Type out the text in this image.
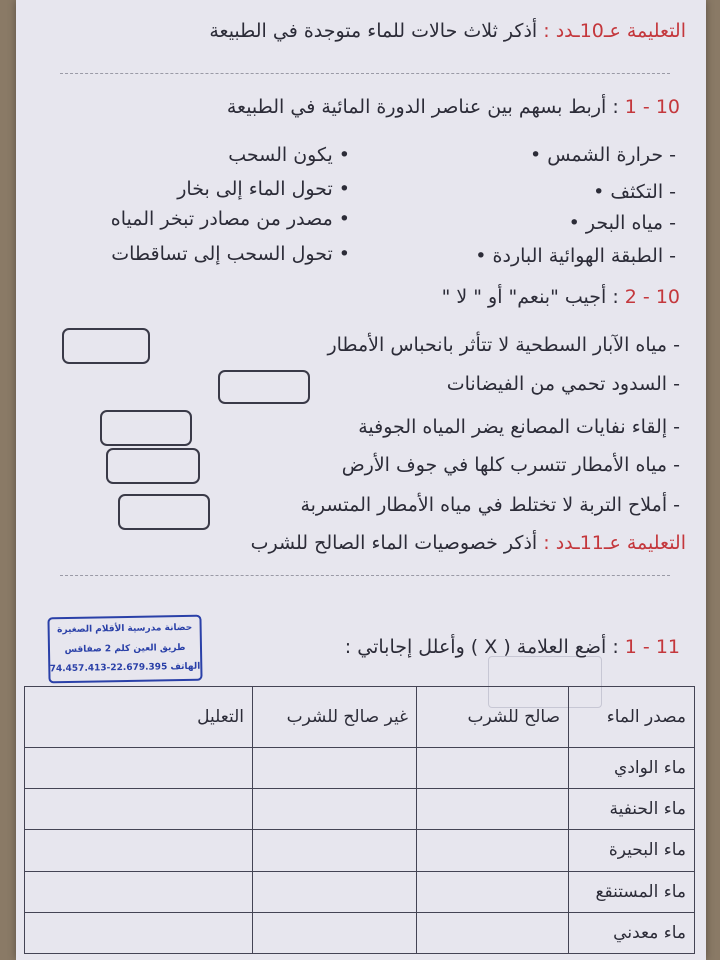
التعليمة عـ10ـدد : أذكر ثلاث حالات للماء متوجدة في الطبيعة
10 - 1 : أربط بسهم بين عناصر الدورة المائية في الطبيعة
- حرارة الشمس •
- التكثف •
- مياه البحر •
- الطبقة الهوائية الباردة •
• يكون السحب
• تحول الماء إلى بخار
• مصدر من مصادر تبخر المياه
• تحول السحب إلى تساقطات
10 - 2 : أجيب "بنعم" أو " لا "
- مياه الآبار السطحية لا تتأثر بانحباس الأمطار
- السدود تحمي من الفيضانات
- إلقاء نفايات المصانع يضر المياه الجوفية
- مياه الأمطار تتسرب كلها في جوف الأرض
- أملاح التربة لا تختلط في مياه الأمطار المتسربة
التعليمة عـ11ـدد : أذكر خصوصيات الماء الصالح للشرب
حضانة مدرسية الأقلام الصغيرة
طريق العين كلم 2 صفاقس
الهاتف 22.679.395-74.457.413
11 - 1 : أضع العلامة ( X ) وأعلل إجاباتي :
مصدر الماء	صالح للشرب	غير صالح للشرب	التعليل
ماء الوادي			
ماء الحنفية			
ماء البحيرة			
ماء المستنقع			
ماء معدني			
